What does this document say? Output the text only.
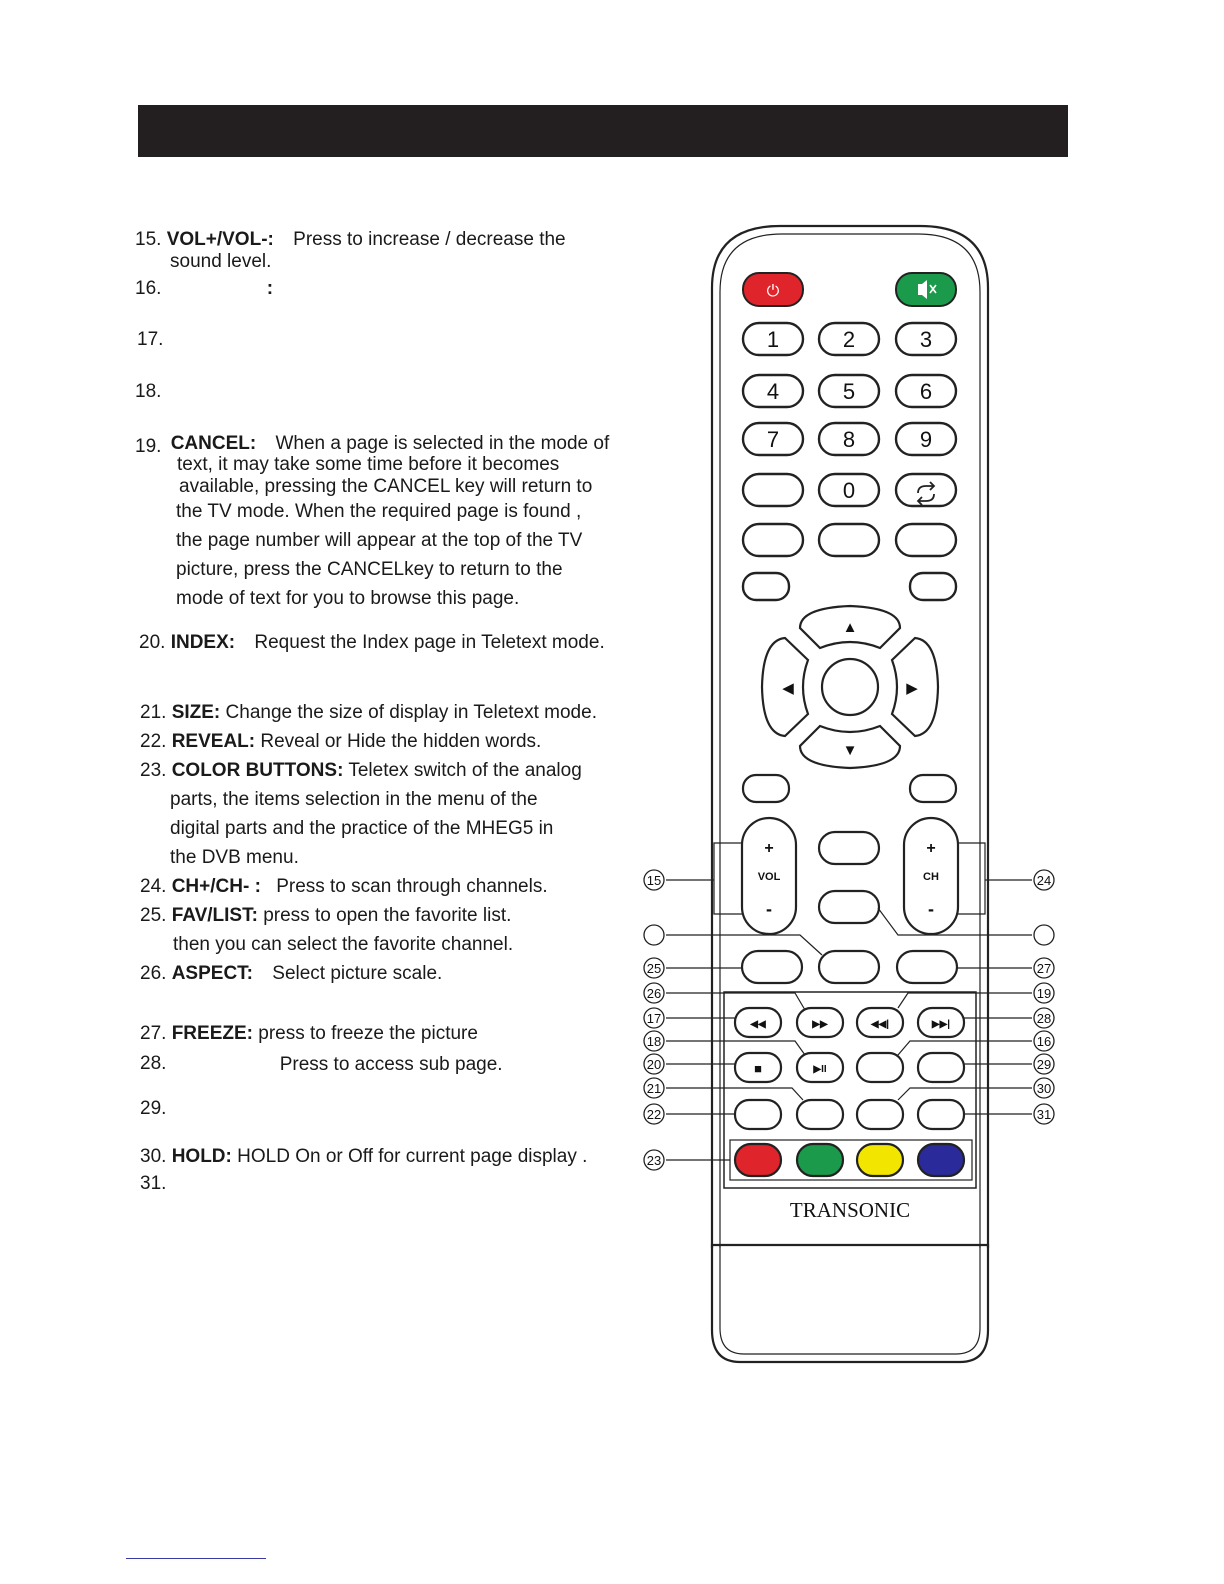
15. VOL+/VOL-: Press to increase / decrease the
sound level.
16.	:
17.
18.
19. CANCEL: When a page is selected in the mode of
text, it may take some time before it becomes
available, pressing the CANCEL key will return to
the TV mode. When the required page is found ,
the page number will appear at the top of the TV
picture, press the CANCELkey to return to the
mode of text for you to browse this page.
20. INDEX: Request the Index page in Teletext mode.
21. SIZE: Change the size of display in Teletext mode.
22. REVEAL: Reveal or Hide the hidden words.
23. COLOR BUTTONS: Teletex switch of the analog
parts, the items selection in the menu of the
digital parts and the practice of the MHEG5 in
the DVB menu.
24. CH+/CH- : Press to scan through channels.
25. FAV/LIST: press to open the favorite list.
then you can select the favorite channel.
26. ASPECT: Select picture scale.
27. FREEZE: press to freeze the picture
28.	Press to access sub page.
29.
30. HOLD: HOLD On or Off for current page display .
31.
⏻
1	2	3
4	5	6
7	8	9
0
▲
▼
◀	▶
+
VOL
-
+
CH
-
◀◀	▶▶	◀◀|	▶▶|
■	▶II
TRANSONIC
15
25
26
17
18
20
21
22
23
24
27
19
28
16
29
30
31
